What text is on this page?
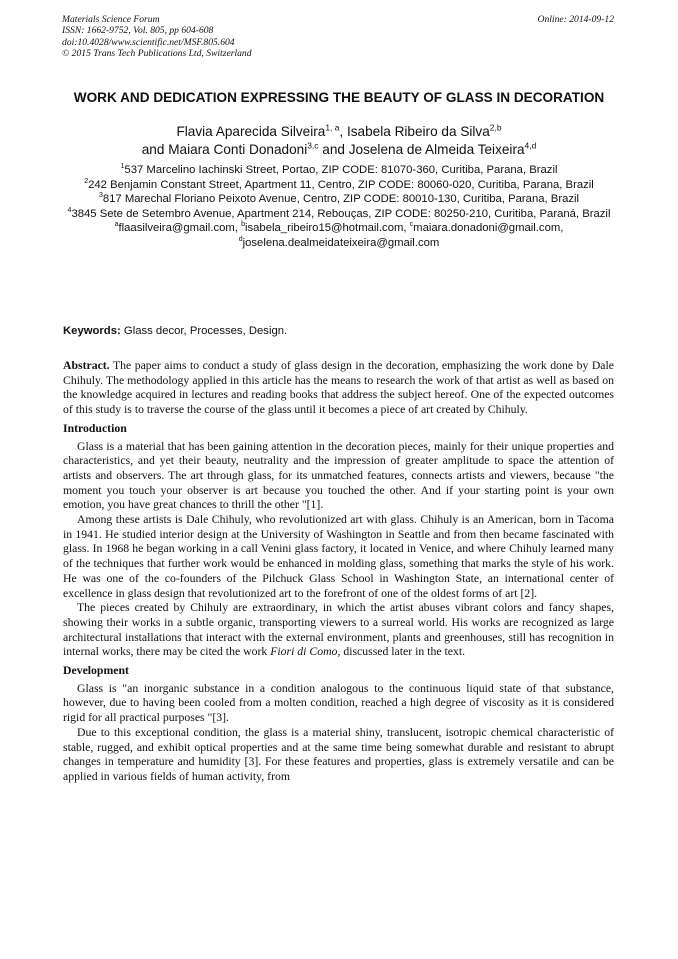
Materials Science Forum
ISSN: 1662-9752, Vol. 805, pp 604-608
doi:10.4028/www.scientific.net/MSF.805.604
© 2015 Trans Tech Publications Ltd, Switzerland
Online: 2014-09-12
WORK AND DEDICATION EXPRESSING THE BEAUTY OF GLASS IN DECORATION
Flavia Aparecida Silveira$^{1, a}$, Isabela Ribeiro da Silva$^{2,b}$
and Maiara Conti Donadoni$^{3,c}$ and Joselena de Almeida Teixeira$^{4,d}$
$^1$537 Marcelino Iachinski Street, Portao, ZIP CODE: 81070-360, Curitiba, Parana, Brazil
$^2$242 Benjamin Constant Street, Apartment 11, Centro, ZIP CODE: 80060-020, Curitiba, Parana, Brazil
$^3$817 Marechal Floriano Peixoto Avenue, Centro, ZIP CODE: 80010-130, Curitiba, Parana, Brazil
$^4$3845 Sete de Setembro Avenue, Apartment 214, Rebouças, ZIP CODE: 80250-210, Curitiba, Paraná, Brazil
$^a$flaasilveira@gmail.com, $^b$isabela_ribeiro15@hotmail.com, $^c$maiara.donadoni@gmail.com,
$^d$joselena.dealmeidateixeira@gmail.com
Keywords: Glass decor, Processes, Design.

Abstract. The paper aims to conduct a study of glass design in the decoration, emphasizing the work done by Dale Chihuly. The methodology applied in this article has the means to research the work of that artist as well as based on the knowledge acquired in lectures and reading books that address the subject hereof. One of the expected outcomes of this study is to traverse the course of the glass until it becomes a piece of art created by Chihuly.

Introduction

Glass is a material that has been gaining attention in the decoration pieces, mainly for their unique properties and characteristics, and yet their beauty, neutrality and the impression of greater amplitude to space the attention of artists and observers. The art through glass, for its unmatched features, connects artists and viewers, because "the moment you touch your observer is art because you touched the other. And if your starting point is your own emotion, you have great chances to thrill the other "[1].

Among these artists is Dale Chihuly, who revolutionized art with glass. Chihuly is an American, born in Tacoma in 1941. He studied interior design at the University of Washington in Seattle and from then became fascinated with glass. In 1968 he began working in a call Venini glass factory, it located in Venice, and where Chihuly learned many of the techniques that further work would be enhanced in molding glass, something that marks the style of his work. He was one of the co-founders of the Pilchuck Glass School in Washington State, an international center of excellence in glass design that revolutionized art to the forefront of one of the oldest forms of art [2].

The pieces created by Chihuly are extraordinary, in which the artist abuses vibrant colors and fancy shapes, showing their works in a subtle organic, transporting viewers to a surreal world. His works are recognized as large architectural installations that interact with the external environment, plants and greenhouses, still has recognition in internal works, there may be cited the work Fiori di Como, discussed later in the text.

Development

Glass is "an inorganic substance in a condition analogous to the continuous liquid state of that substance, however, due to having been cooled from a molten condition, reached a high degree of viscosity as it is considered rigid for all practical purposes "[3].

Due to this exceptional condition, the glass is a material shiny, translucent, isotropic chemical characteristic of stable, rugged, and exhibit optical properties and at the same time being somewhat durable and resistant to abrupt changes in temperature and humidity [3]. For these features and properties, glass is extremely versatile and can be applied in various fields of human activity, from
